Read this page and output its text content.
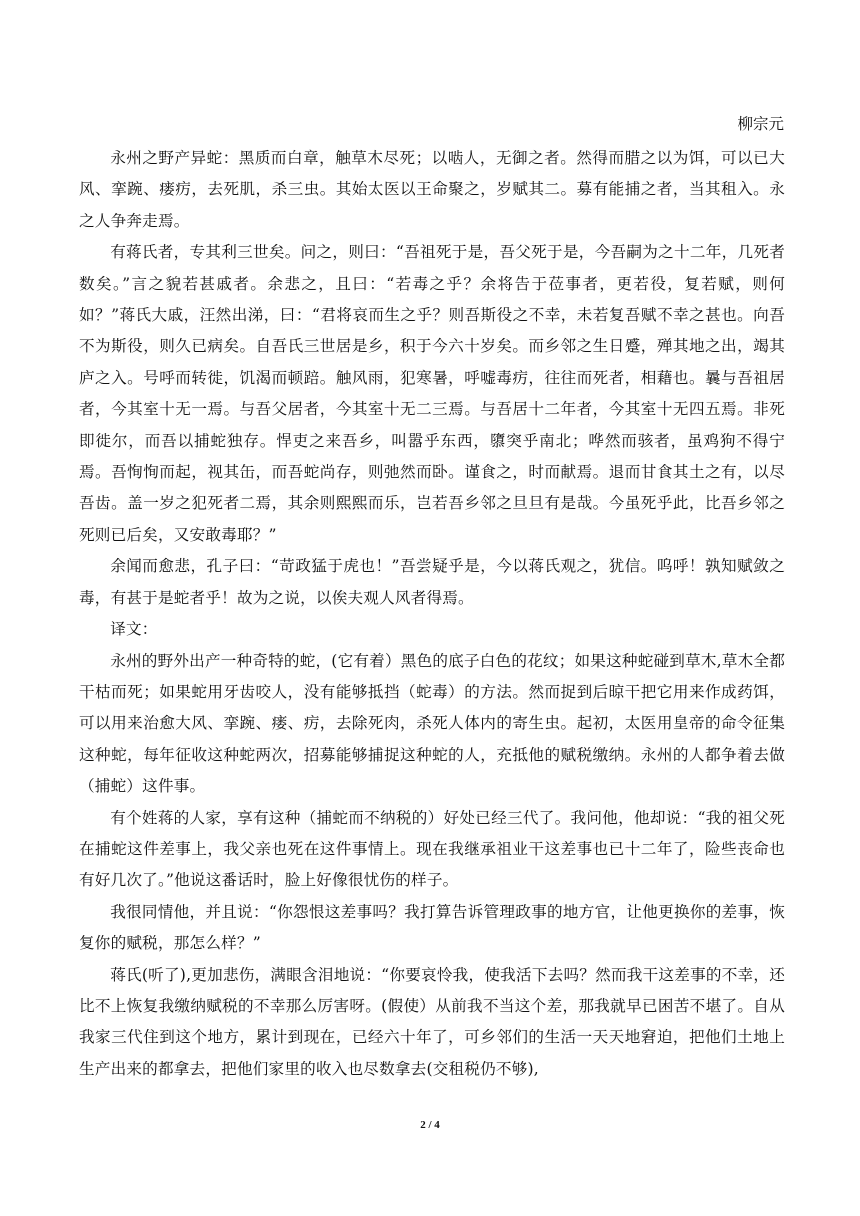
柳宗元

永州之野产异蛇：黑质而白章，触草木尽死；以啮人，无御之者。然得而腊之以为饵，可以已大风、挛踠、瘘疠，去死肌，杀三虫。其始太医以王命聚之，岁赋其二。募有能捕之者，当其租入。永之人争奔走焉。

有蒋氏者，专其利三世矣。问之，则曰：“吾祖死于是，吾父死于是，今吾嗣为之十二年，几死者数矣。”言之貌若甚戚者。余悲之，且曰：“若毒之乎？余将告于莅事者，更若役，复若赋，则何如？”蒋氏大戚，汪然出涕，曰：“君将哀而生之乎？则吾斯役之不幸，未若复吾赋不幸之甚也。向吾不为斯役，则久已病矣。自吾氏三世居是乡，积于今六十岁矣。而乡邻之生日蹙，殚其地之出，竭其庐之入。号呼而转徙，饥渴而顿踣。触风雨，犯寒暑，呼嘘毒疠，往往而死者，相藉也。曩与吾祖居者，今其室十无一焉。与吾父居者，今其室十无二三焉。与吾居十二年者，今其室十无四五焉。非死即徙尔，而吾以捕蛇独存。悍吏之来吾乡，叫嚣乎东西，隳突乎南北；哗然而骇者，虽鸡狗不得宁焉。吾恂恂而起，视其缶，而吾蛇尚存，则弛然而卧。谨食之，时而献焉。退而甘食其土之有，以尽吾齿。盖一岁之犯死者二焉，其余则熙熙而乐，岂若吾乡邻之旦旦有是哉。今虽死乎此，比吾乡邻之死则已后矣，又安敢毒耶？”

余闻而愈悲，孔子曰：“苛政猛于虎也！”吾尝疑乎是，今以蒋氏观之，犹信。呜呼！孰知赋敛之毒，有甚于是蛇者乎！故为之说，以俟夫观人风者得焉。

译文：

永州的野外出产一种奇特的蛇，(它有着）黑色的底子白色的花纹；如果这种蛇碰到草木,草木全都干枯而死；如果蛇用牙齿咬人，没有能够抵挡（蛇毒）的方法。然而捉到后晾干把它用来作成药饵，可以用来治愈大风、挛踠、瘘、疠，去除死肉，杀死人体内的寄生虫。起初，太医用皇帝的命令征集这种蛇，每年征收这种蛇两次，招募能够捕捉这种蛇的人，充抵他的赋税缴纳。永州的人都争着去做（捕蛇）这件事。

有个姓蒋的人家，享有这种（捕蛇而不纳税的）好处已经三代了。我问他，他却说：“我的祖父死在捕蛇这件差事上，我父亲也死在这件事情上。现在我继承祖业干这差事也已十二年了，险些丧命也有好几次了。”他说这番话时，脸上好像很忧伤的样子。

我很同情他，并且说：“你怨恨这差事吗？我打算告诉管理政事的地方官，让他更换你的差事，恢复你的赋税，那怎么样？”

蒋氏(听了),更加悲伤，满眼含泪地说：“你要哀怜我，使我活下去吗？然而我干这差事的不幸，还比不上恢复我缴纳赋税的不幸那么厉害呀。(假使）从前我不当这个差，那我就早已困苦不堪了。自从我家三代住到这个地方，累计到现在，已经六十年了，可乡邻们的生活一天天地窘迫，把他们土地上生产出来的都拿去，把他们家里的收入也尽数拿去(交租税仍不够),

2 / 4
